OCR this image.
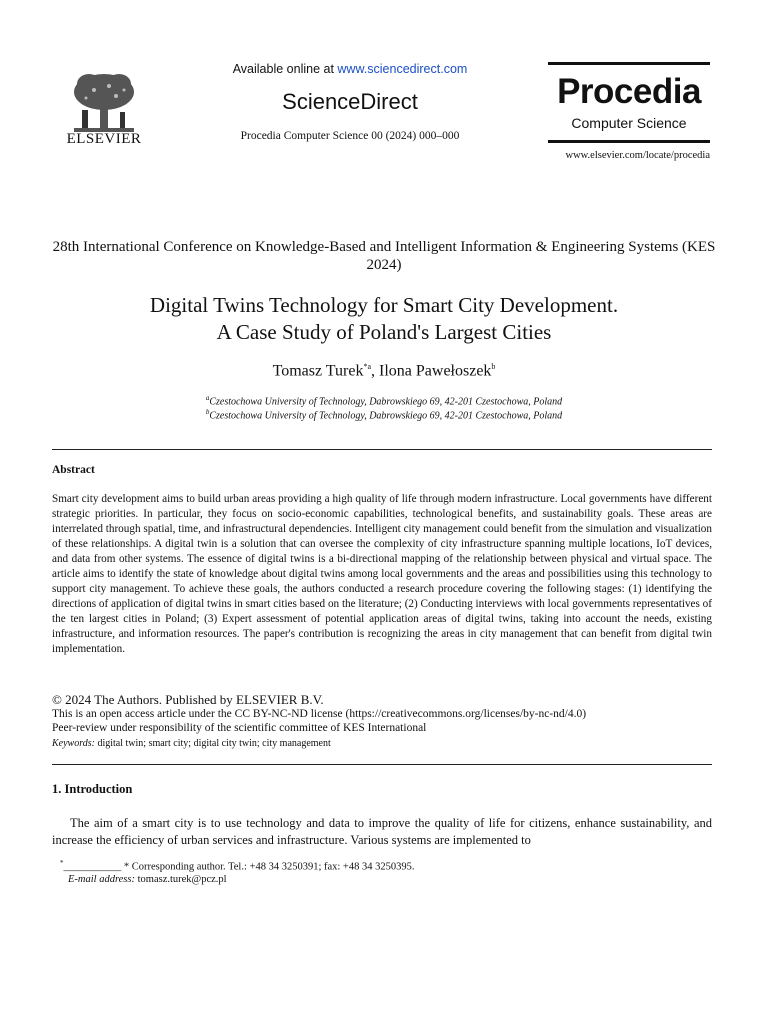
ELSEVIER
Available online at www.sciencedirect.com
ScienceDirect
Procedia Computer Science 00 (2024) 000–000
Procedia
Computer Science
www.elsevier.com/locate/procedia
28th International Conference on Knowledge-Based and Intelligent Information & Engineering Systems (KES 2024)
Digital Twins Technology for Smart City Development.
A Case Study of Poland's Largest Cities
Tomasz Turek$^{*a}$, Ilona Pawełoszek$^b$
$^a$Czestochowa University of Technology, Dabrowskiego 69, 42-201 Czestochowa, Poland
$^b$Czestochowa University of Technology, Dabrowskiego 69, 42-201 Czestochowa, Poland
Abstract
Smart city development aims to build urban areas providing a high quality of life through modern infrastructure. Local governments have different strategic priorities. In particular, they focus on socio-economic capabilities, technological benefits, and sustainability goals. These areas are interrelated through spatial, time, and infrastructural dependencies. Intelligent city management could benefit from the simulation and visualization of these relationships. A digital twin is a solution that can oversee the complexity of city infrastructure spanning multiple locations, IoT devices, and data from other systems. The essence of digital twins is a bi-directional mapping of the relationship between physical and virtual space. The article aims to identify the state of knowledge about digital twins among local governments and the areas and possibilities using this technology to support city management. To achieve these goals, the authors conducted a research procedure covering the following stages: (1) identifying the directions of application of digital twins in smart cities based on the literature; (2) Conducting interviews with local governments representatives of the ten largest cities in Poland; (3) Expert assessment of potential application areas of digital twins, taking into account the needs, existing infrastructure, and information resources. The paper's contribution is recognizing the areas in city management that can benefit from digital twin implementation.
© 2024 The Authors. Published by ELSEVIER B.V.
This is an open access article under the CC BY-NC-ND license (https://creativecommons.org/licenses/by-nc-nd/4.0)
Peer-review under responsibility of the scientific committee of KES International
Keywords: digital twin; smart city; digital city twin; city management
1. Introduction
The aim of a smart city is to use technology and data to improve the quality of life for citizens, enhance sustainability, and increase the efficiency of urban services and infrastructure. Various systems are implemented to
*___________ * Corresponding author. Tel.: +48 34 3250391; fax: +48 34 3250395.
E-mail address: tomasz.turek@pcz.pl
